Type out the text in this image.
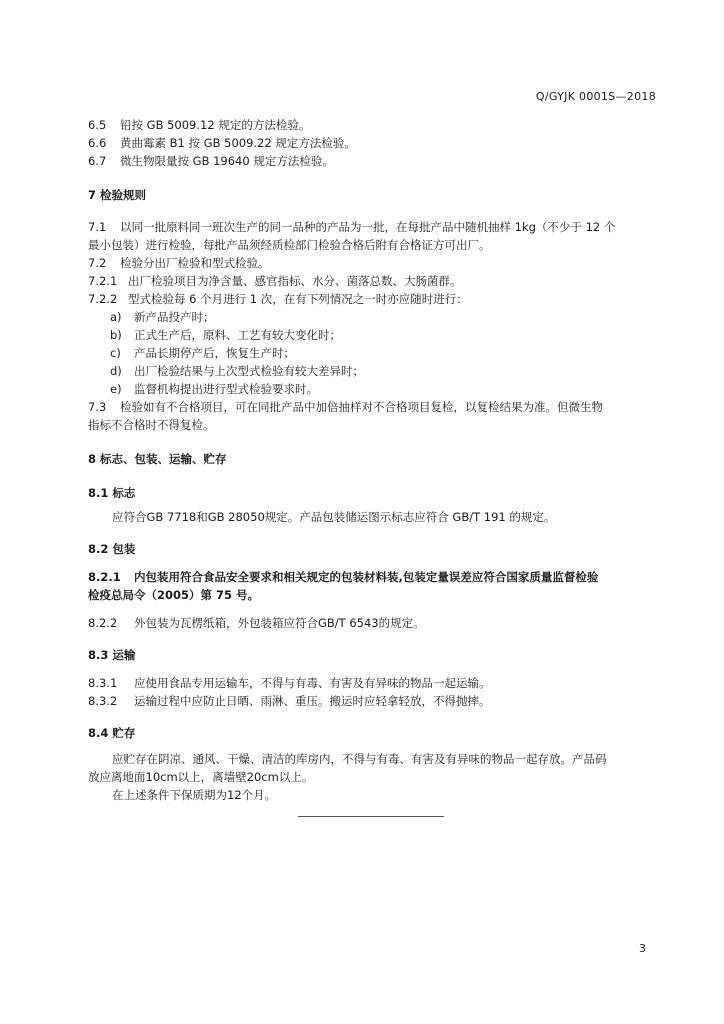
Q/GYJK 0001S—2018
6.5 铅按 GB 5009.12 规定的方法检验。
6.6 黄曲霉素 B1 按 GB 5009.22 规定方法检验。
6.7 微生物限量按 GB 19640 规定方法检验。
7 检验规则
7.1 以同一批原料同一班次生产的同一品种的产品为一批，在每批产品中随机抽样 1kg（不少于 12 个
最小包装）进行检验，每批产品须经质检部门检验合格后附有合格证方可出厂。
7.2 检验分出厂检验和型式检验。
7.2.1 出厂检验项目为净含量、感官指标、水分、菌落总数、大肠菌群。
7.2.2 型式检验每 6 个月进行 1 次，在有下列情况之一时亦应随时进行：
a) 新产品投产时；
b) 正式生产后，原料、工艺有较大变化时；
c) 产品长期停产后，恢复生产时；
d) 出厂检验结果与上次型式检验有较大差异时；
e) 监督机构提出进行型式检验要求时。
7.3 检验如有不合格项目，可在同批产品中加倍抽样对不合格项目复检，以复检结果为准。但微生物
指标不合格时不得复检。
8 标志、包装、运输、贮存
8.1 标志
应符合GB 7718和GB 28050规定。产品包装储运图示标志应符合 GB/T 191 的规定。
8.2 包装
8.2.1 内包装用符合食品安全要求和相关规定的包装材料装,包装定量误差应符合国家质量监督检验
检疫总局令（2005）第 75 号。
8.2.2 外包装为瓦楞纸箱，外包装箱应符合GB/T 6543的规定。
8.3 运输
8.3.1 应使用食品专用运输车，不得与有毒、有害及有异味的物品一起运输。
8.3.2 运输过程中应防止日晒、雨淋、重压。搬运时应轻拿轻放，不得抛摔。
8.4 贮存
应贮存在阴凉、通风、干燥、清洁的库房内，不得与有毒、有害及有异味的物品一起存放。产品码
放应离地面10cm以上，离墙壁20cm以上。
在上述条件下保质期为12个月。
3
